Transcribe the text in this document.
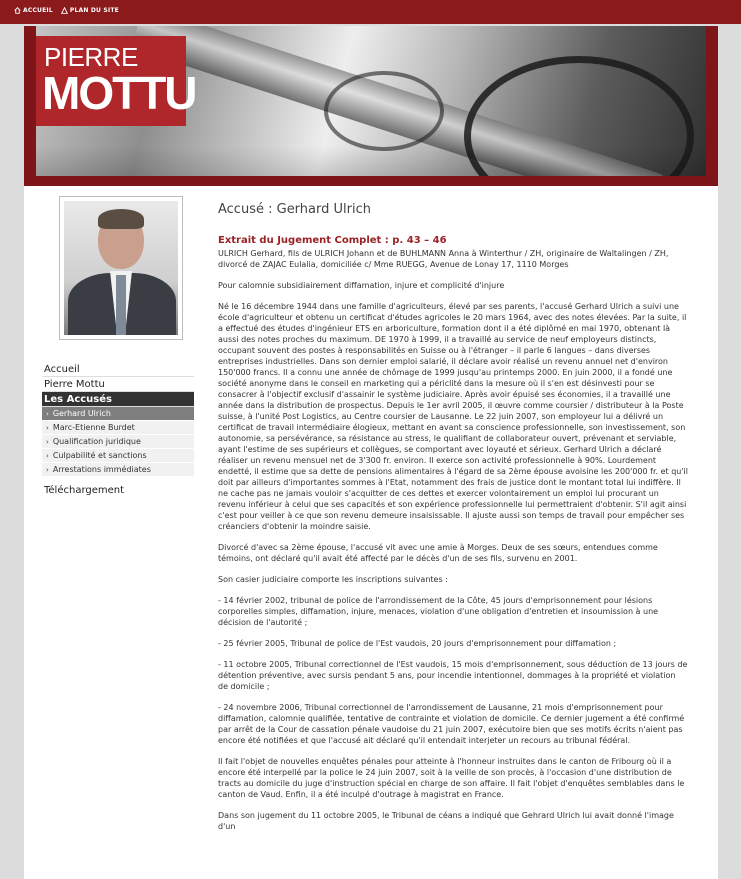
ACCUEIL	PLAN DU SITE
PIERRE
MOTTU
Accueil
Pierre Mottu
Les Accusés
› Gerhard Ulrich
› Marc-Etienne Burdet
› Qualification juridique
› Culpabilité et sanctions
› Arrestations immédiates
Téléchargement
Accusé : Gerhard Ulrich
Extrait du Jugement Complet : p. 43 – 46

ULRICH Gerhard, fils de ULRICH Johann et de BUHLMANN Anna à Winterthur / ZH, originaire de Waltalingen / ZH, divorcé de ZAJAC Eulalia, domiciliée c/ Mme RUEGG, Avenue de Lonay 17, 1110 Morges

Pour calomnie subsidiairement diffamation, injure et complicité d'injure

Né le 16 décembre 1944 dans une famille d'agriculteurs, élevé par ses parents, l'accusé Gerhard Ulrich a suivi une école d'agriculteur et obtenu un certificat d'études agricoles le 20 mars 1964, avec des notes élevées. Par la suite, il a effectué des études d'ingénieur ETS en arboriculture, formation dont il a été diplômé en mai 1970, obtenant là aussi des notes proches du maximum. DE 1970 à 1999, il a travaillé au service de neuf employeurs distincts, occupant souvent des postes à responsabilités en Suisse ou à l'étranger – il parle 6 langues – dans diverses entreprises industrielles. Dans son dernier emploi salarié, il déclare avoir réalisé un revenu annuel net d'environ 150'000 francs. Il a connu une année de chômage de 1999 jusqu'au printemps 2000. En juin 2000, il a fondé une société anonyme dans le conseil en marketing qui a périclité dans la mesure où il s'en est désinvesti pour se consacrer à l'objectif exclusif d'assainir le système judiciaire. Après avoir épuisé ses économies, il a travaillé une année dans la distribution de prospectus. Depuis le 1er avril 2005, il œuvre comme coursier / distributeur à la Poste suisse, à l'unité Post Logistics, au Centre coursier de Lausanne. Le 22 juin 2007, son employeur lui a délivré un certificat de travail intermédiaire élogieux, mettant en avant sa conscience professionnelle, son investissement, son autonomie, sa persévérance, sa résistance au stress, le qualifiant de collaborateur ouvert, prévenant et serviable, ayant l'estime de ses supérieurs et collègues, se comportant avec loyauté et sérieux. Gerhard Ulrich a déclaré réaliser un revenu mensuel net de 3'300 fr. environ. Il exerce son activité professionnelle à 90%. Lourdement endetté, il estime que sa dette de pensions alimentaires à l'égard de sa 2ème épouse avoisine les 200'000 fr. et qu'il doit par ailleurs d'importantes sommes à l'Etat, notamment des frais de justice dont le montant total lui indiffère. Il ne cache pas ne jamais vouloir s'acquitter de ces dettes et exercer volontairement un emploi lui procurant un revenu inférieur à celui que ses capacités et son expérience professionnelle lui permettraient d'obtenir. S'il agit ainsi c'est pour veiller à ce que son revenu demeure insaisissable. Il ajuste aussi son temps de travail pour empêcher ses créanciers d'obtenir la moindre saisie.

Divorcé d'avec sa 2ème épouse, l'accusé vit avec une amie à Morges. Deux de ses sœurs, entendues comme témoins, ont déclaré qu'il avait été affecté par le décès d'un de ses fils, survenu en 2001.

Son casier judiciaire comporte les inscriptions suivantes :

- 14 février 2002, tribunal de police de l'arrondissement de la Côte, 45 jours d'emprisonnement pour lésions corporelles simples, diffamation, injure, menaces, violation d'une obligation d'entretien et insoumission à une décision de l'autorité ;

- 25 février 2005, Tribunal de police de l'Est vaudois, 20 jours d'emprisonnement pour diffamation ;

- 11 octobre 2005, Tribunal correctionnel de l'Est vaudois, 15 mois d'emprisonnement, sous déduction de 13 jours de détention préventive, avec sursis pendant 5 ans, pour incendie intentionnel, dommages à la propriété et violation de domicile ;

- 24 novembre 2006, Tribunal correctionnel de l'arrondissement de Lausanne, 21 mois d'emprisonnement pour diffamation, calomnie qualifiée, tentative de contrainte et violation de domicile. Ce dernier jugement a été confirmé par arrêt de la Cour de cassation pénale vaudoise du 21 juin 2007, exécutoire bien que ses motifs écrits n'aient pas encore été notifiées et que l'accusé ait déclaré qu'il entendait interjeter un recours au tribunal fédéral.

Il fait l'objet de nouvelles enquêtes pénales pour atteinte à l'honneur instruites dans le canton de Fribourg où il a encore été interpellé par la police le 24 juin 2007, soit à la veille de son procès, à l'occasion d'une distribution de tracts au domicile du juge d'instruction spécial en charge de son affaire. Il fait l'objet d'enquêtes semblables dans le canton de Vaud. Enfin, il a été inculpé d'outrage à magistrat en France.

Dans son jugement du 11 octobre 2005, le Tribunal de céans a indiqué que Gehrard Ulrich lui avait donné l'image d'un
